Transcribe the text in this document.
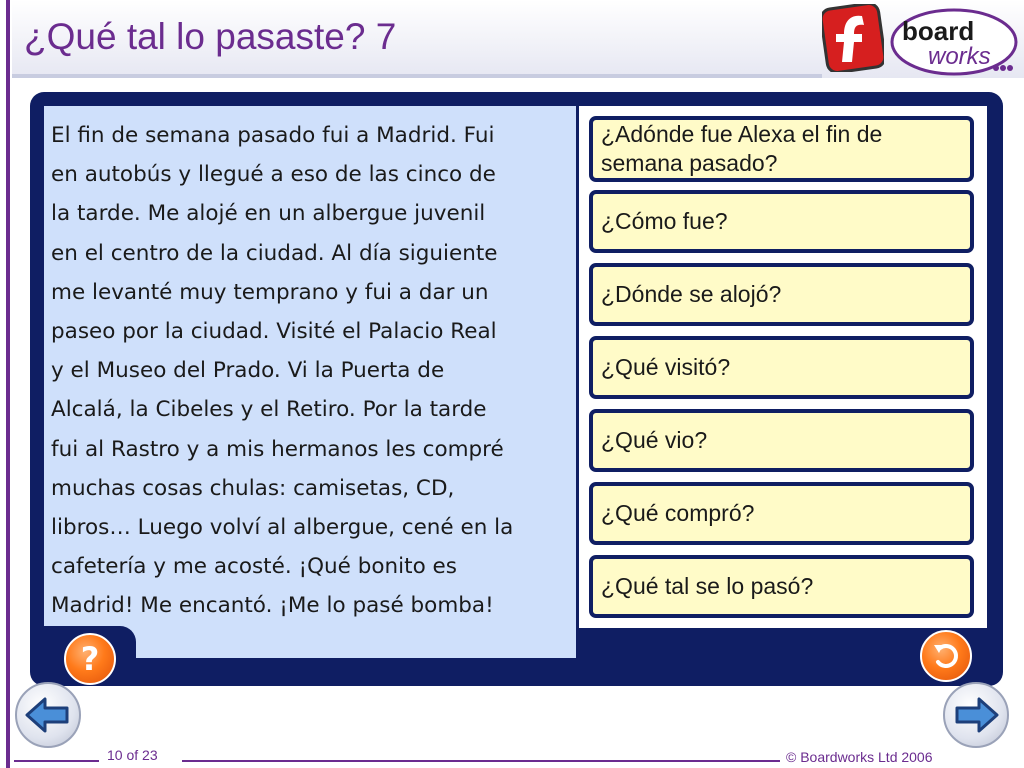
¿Qué tal lo pasaste? 7	board
works
El fin de semana pasado fui a Madrid. Fui
en autobús y llegué a eso de las cinco de
la tarde. Me alojé en un albergue juvenil
en el centro de la ciudad. Al día siguiente
me levanté muy temprano y fui a dar un
paseo por la ciudad. Visité el Palacio Real
y el Museo del Prado. Vi la Puerta de
Alcalá, la Cibeles y el Retiro. Por la tarde
fui al Rastro y a mis hermanos les compré
muchas cosas chulas: camisetas, CD,
libros… Luego volví al albergue, cené en la
cafetería y me acosté. ¡Qué bonito es
Madrid! Me encantó. ¡Me lo pasé bomba!
¿Adónde fue Alexa el fin de semana pasado?
¿Cómo fue?
¿Dónde se alojó?
¿Qué visitó?
¿Qué vio?
¿Qué compró?
¿Qué tal se lo pasó?
?
10 of 23	© Boardworks Ltd 2006
